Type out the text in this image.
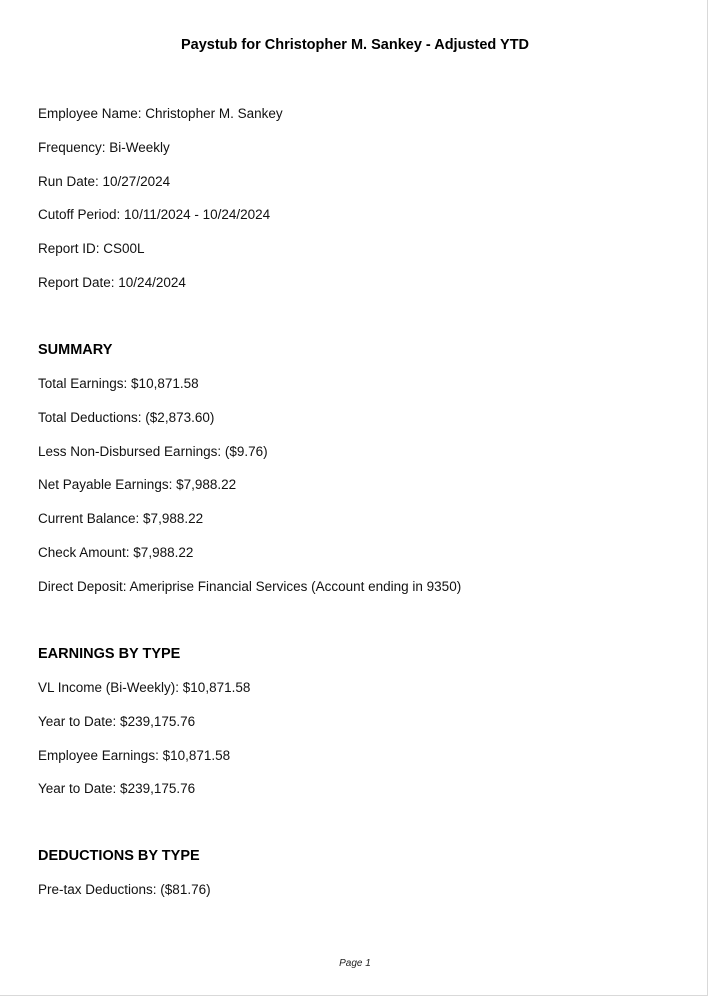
Paystub for Christopher M. Sankey - Adjusted YTD
Employee Name: Christopher M. Sankey
Frequency: Bi-Weekly
Run Date: 10/27/2024
Cutoff Period: 10/11/2024 - 10/24/2024
Report ID: CS00L
Report Date: 10/24/2024
SUMMARY
Total Earnings: $10,871.58
Total Deductions: ($2,873.60)
Less Non-Disbursed Earnings: ($9.76)
Net Payable Earnings: $7,988.22
Current Balance: $7,988.22
Check Amount: $7,988.22
Direct Deposit: Ameriprise Financial Services (Account ending in 9350)
EARNINGS BY TYPE
VL Income (Bi-Weekly): $10,871.58
Year to Date: $239,175.76
Employee Earnings: $10,871.58
Year to Date: $239,175.76
DEDUCTIONS BY TYPE
Pre-tax Deductions: ($81.76)
Page 1
